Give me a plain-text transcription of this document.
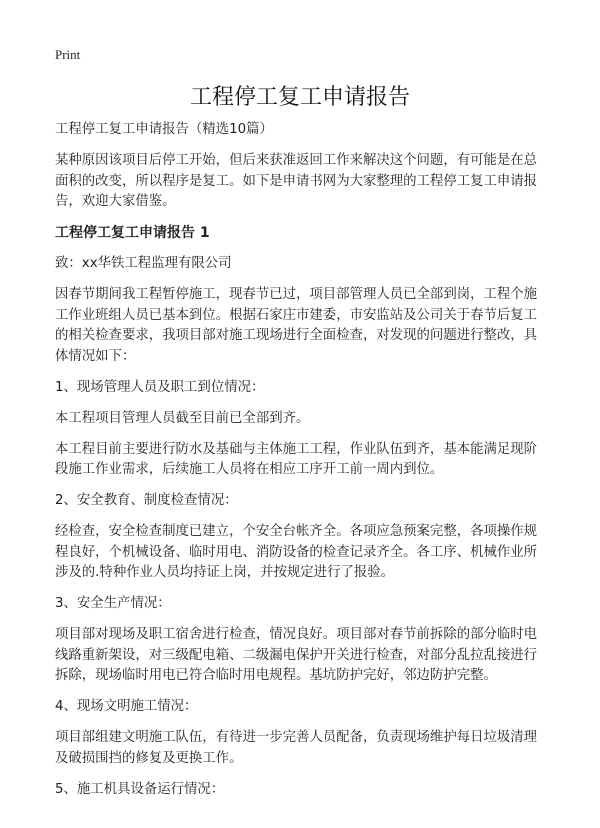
Print
工程停工复工申请报告

工程停工复工申请报告（精选10篇）

某种原因该项目后停工开始，但后来获准返回工作来解决这个问题，有可能是在总
面积的改变，所以程序是复工。如下是申请书网为大家整理的工程停工复工申请报
告，欢迎大家借鉴。

工程停工复工申请报告 1

致：xx华铁工程监理有限公司

因春节期间我工程暂停施工，现春节已过，项目部管理人员已全部到岗，工程个施
工作业班组人员已基本到位。根据石家庄市建委，市安监站及公司关于春节后复工
的相关检查要求，我项目部对施工现场进行全面检查，对发现的问题进行整改，具
体情况如下：

1、现场管理人员及职工到位情况：

本工程项目管理人员截至目前已全部到齐。

本工程目前主要进行防水及基础与主体施工工程，作业队伍到齐，基本能满足现阶
段施工作业需求，后续施工人员将在相应工序开工前一周内到位。

2、安全教育、制度检查情况：

经检查，安全检查制度已建立，个安全台帐齐全。各项应急预案完整，各项操作规
程良好，个机械设备、临时用电、消防设备的检查记录齐全。各工序、机械作业所
涉及的.特种作业人员均持证上岗，并按规定进行了报验。

3、安全生产情况：

项目部对现场及职工宿舍进行检查，情况良好。项目部对春节前拆除的部分临时电
线路重新架设，对三级配电箱、二级漏电保护开关进行检查，对部分乱拉乱接进行
拆除，现场临时用电已符合临时用电规程。基坑防护完好，邻边防护完整。

4、现场文明施工情况：

项目部组建文明施工队伍，有待进一步完善人员配备，负责现场维护每日垃圾清理
及破损围挡的修复及更换工作。

5、施工机具设备运行情况：
